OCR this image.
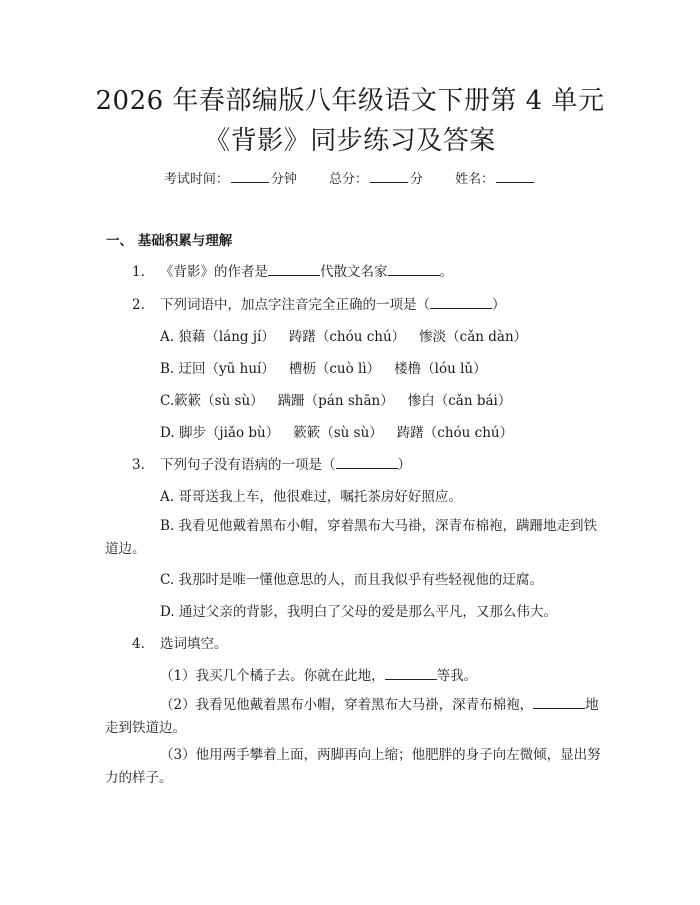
2026 年春部编版八年级语文下册第 4 单元
《背影》同步练习及答案
考试时间：	分钟 总分：	分 姓名：
一、 基础积累与理解
1. 《背影》的作者是	代散文名家	。
2. 下列词语中，加点字注音完全正确的一项是（	）
A. 狼藉（láng jí） 踌躇（chóu chú） 惨淡（cǎn dàn）
B. 迂回（yū huí） 槽枥（cuò lì） 楼橹（lóu lǔ）
C.簌簌（sù sù） 蹒跚（pán shān） 惨白（cǎn bái）
D. 脚步（jiǎo bù） 簌簌（sù sù） 踌躇（chóu chú）
3. 下列句子没有语病的一项是（	）
A. 哥哥送我上车，他很难过，嘱托茶房好好照应。
B. 我看见他戴着黑布小帽，穿着黑布大马褂，深青布棉袍，蹒跚地走到铁道边。
C. 我那时是唯一懂他意思的人，而且我似乎有些轻视他的迂腐。
D. 通过父亲的背影，我明白了父母的爱是那么平凡，又那么伟大。
4. 选词填空。
（1）我买几个橘子去。你就在此地，	等我。
（2）我看见他戴着黑布小帽，穿着黑布大马褂，深青布棉袍，	地走到铁道边。
（3）他用两手攀着上面，两脚再向上缩；他肥胖的身子向左微倾，显出努力的样子。
